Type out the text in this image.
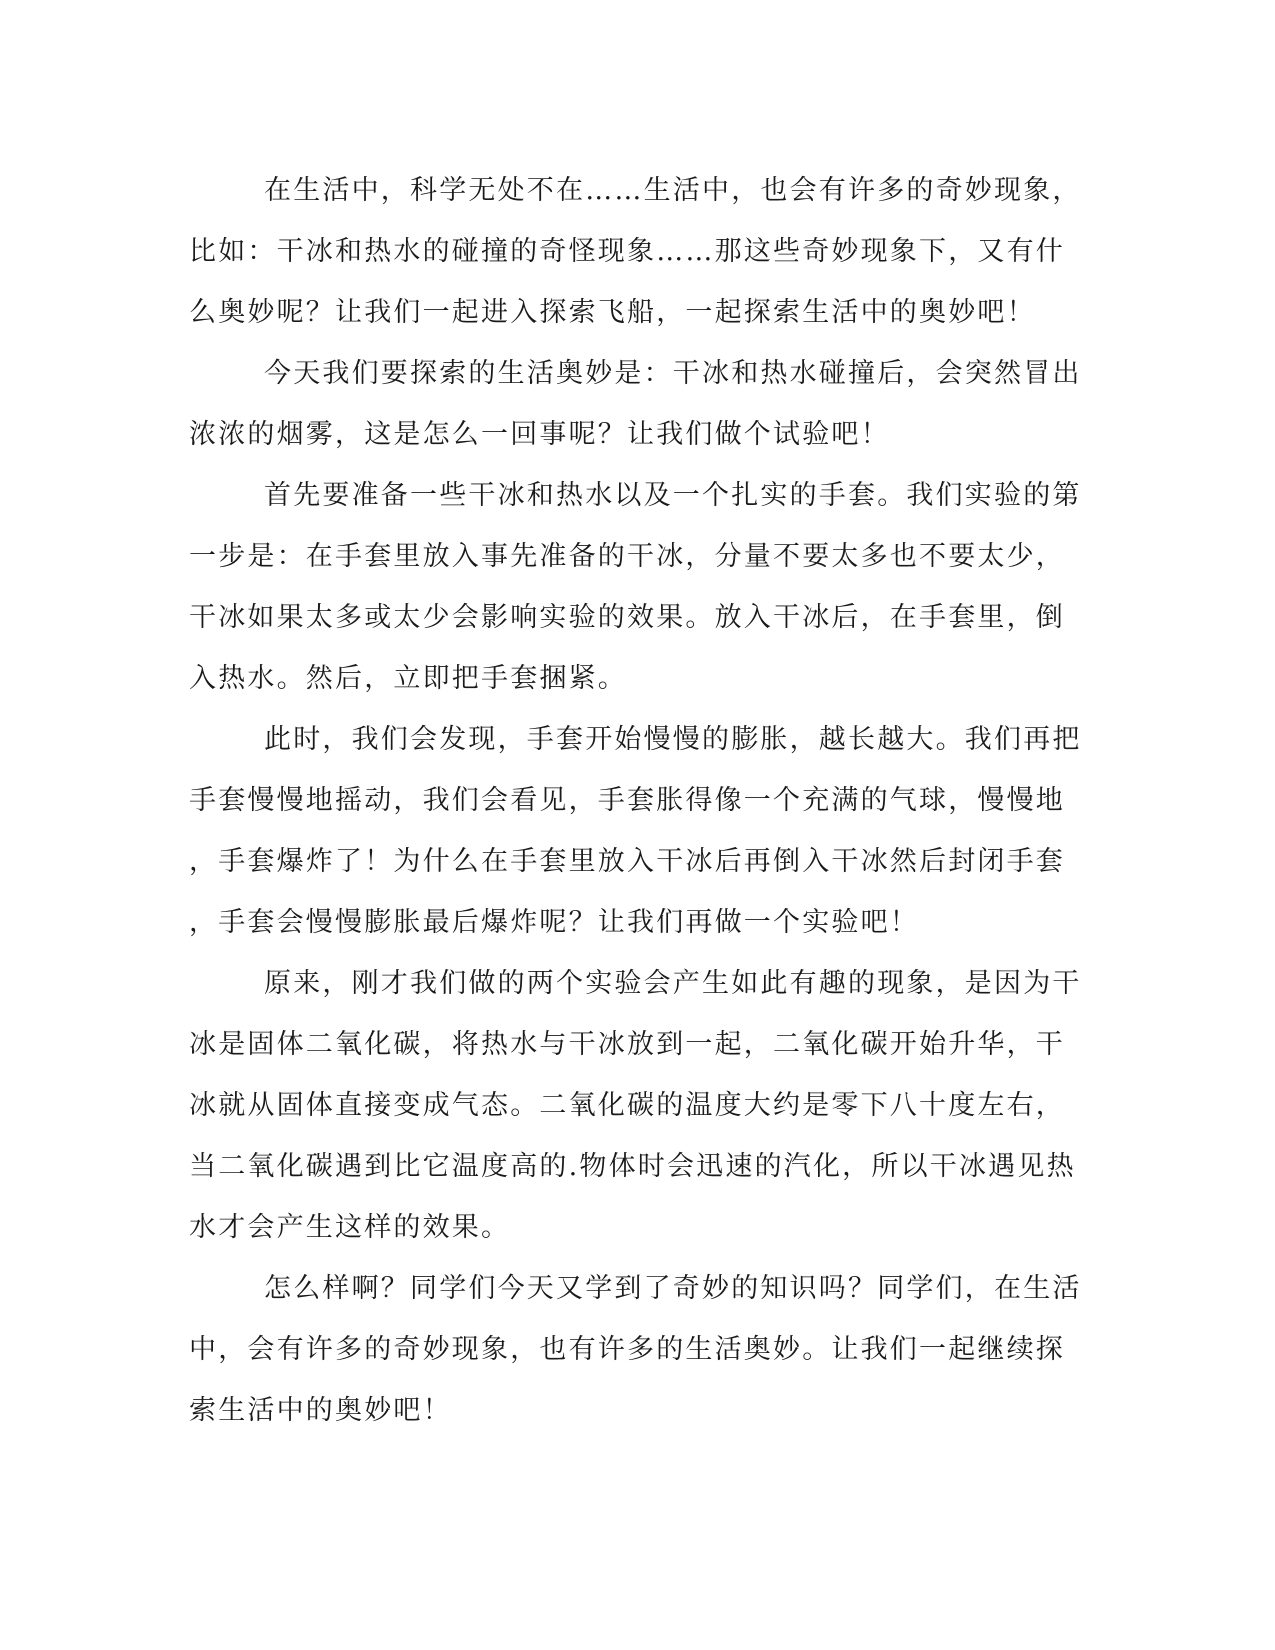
在生活中，科学无处不在……生活中，也会有许多的奇妙现象，
比如：干冰和热水的碰撞的奇怪现象……那这些奇妙现象下，又有什
么奥妙呢？让我们一起进入探索飞船，一起探索生活中的奥妙吧！
今天我们要探索的生活奥妙是：干冰和热水碰撞后，会突然冒出
浓浓的烟雾，这是怎么一回事呢？让我们做个试验吧！
首先要准备一些干冰和热水以及一个扎实的手套。我们实验的第
一步是：在手套里放入事先准备的干冰，分量不要太多也不要太少，
干冰如果太多或太少会影响实验的效果。放入干冰后，在手套里，倒
入热水。然后，立即把手套捆紧。
此时，我们会发现，手套开始慢慢的膨胀，越长越大。我们再把
手套慢慢地摇动，我们会看见，手套胀得像一个充满的气球，慢慢地
，手套爆炸了！为什么在手套里放入干冰后再倒入干冰然后封闭手套
，手套会慢慢膨胀最后爆炸呢？让我们再做一个实验吧！
原来，刚才我们做的两个实验会产生如此有趣的现象，是因为干
冰是固体二氧化碳，将热水与干冰放到一起，二氧化碳开始升华，干
冰就从固体直接变成气态。二氧化碳的温度大约是零下八十度左右，
当二氧化碳遇到比它温度高的.物体时会迅速的汽化，所以干冰遇见热
水才会产生这样的效果。
怎么样啊？同学们今天又学到了奇妙的知识吗？同学们，在生活
中，会有许多的奇妙现象，也有许多的生活奥妙。让我们一起继续探
索生活中的奥妙吧！
